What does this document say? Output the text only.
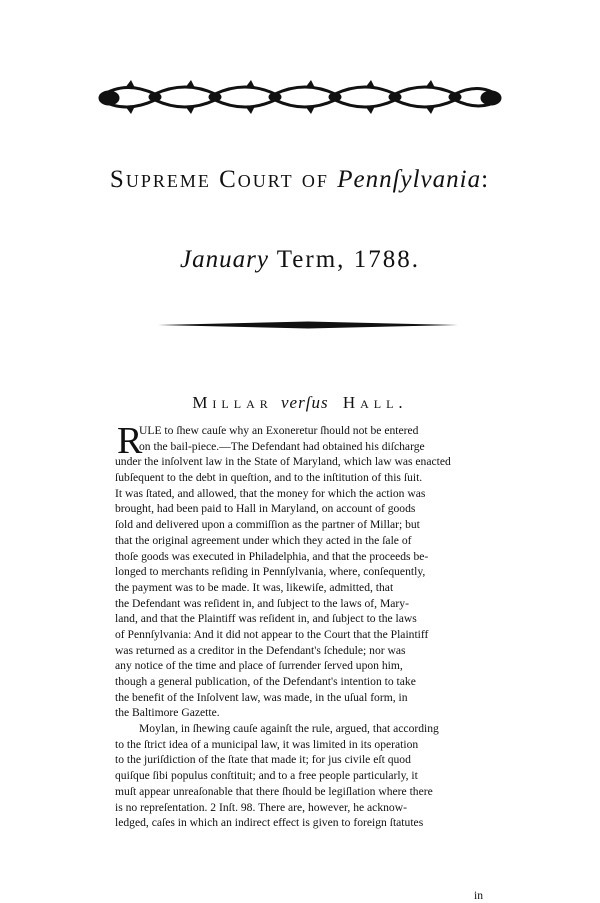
Supreme Court of Pennſylvania:
January Term, 1788.
Millar verſus Hall.
R
ULE to ſhew cauſe why an Exoneretur ſhould not be entered
on the bail-piece.—The Defendant had obtained his diſcharge
under the inſolvent law in the State of Maryland, which law was enacted
ſubſequent to the debt in queſtion, and to the inſtitution of this ſuit.
It was ſtated, and allowed, that the money for which the action was
brought, had been paid to Hall in Maryland, on account of goods
ſold and delivered upon a commiſſion as the partner of Millar; but
that the original agreement under which they acted in the ſale of
thoſe goods was executed in Philadelphia, and that the proceeds be-
longed to merchants reſiding in Pennſylvania, where, conſequently,
the payment was to be made. It was, likewiſe, admitted, that
the Defendant was reſident in, and ſubject to the laws of, Mary-
land, and that the Plaintiff was reſident in, and ſubject to the laws
of Pennſylvania: And it did not appear to the Court that the Plaintiff
was returned as a creditor in the Defendant's ſchedule; nor was
any notice of the time and place of ſurrender ſerved upon him,
though a general publication, of the Defendant's intention to take
the benefit of the Inſolvent law, was made, in the uſual form, in
the Baltimore Gazette.
Moylan, in ſhewing cauſe againſt the rule, argued, that according
to the ſtrict idea of a municipal law, it was limited in its operation
to the juriſdiction of the ſtate that made it; for jus civile eſt quod
quiſque ſibi populus conſtituit; and to a free people particularly, it
muſt appear unreaſonable that there ſhould be legiſlation where there
is no repreſentation. 2 Inſt. 98. There are, however, he acknow-
ledged, caſes in which an indirect effect is given to foreign ſtatutes
in
